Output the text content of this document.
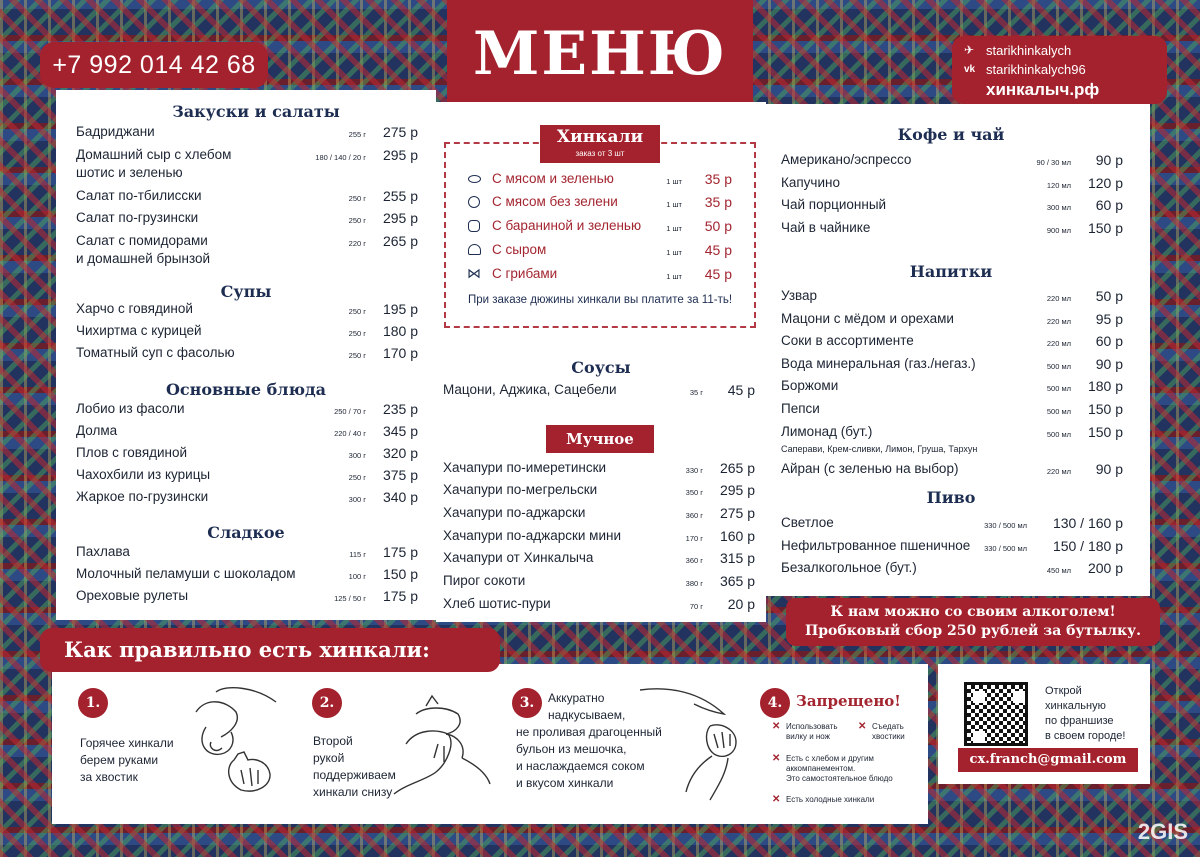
+7 992 014 42 68	МЕНЮ	✈ starikhinkalych
vk starikhinkalych96
хинкалыч.рф
Закуски и салаты
Бадриджани	255 г 275 р
Домашний сыр с хлебом
шотис и зеленью
180 / 140 / 20 г 295 р
Салат по-тбилисски	250 г 255 р
Салат по-грузински	250 г 295 р
Салат с помидорами
и домашней брынзой
220 г 265 р
Супы
Харчо с говядиной	250 г 195 р
Чихиртма с курицей	250 г 180 р
Томатный суп с фасолью	250 г 170 р
Основные блюда
Лобио из фасоли	250 / 70 г 235 р
Долма	220 / 40 г 345 р
Плов с говядиной	300 г 320 р
Чахохбили из курицы	250 г 375 р
Жаркое по-грузински	300 г 340 р
Сладкое
Пахлава	115 г 175 р
Молочный пеламуши с шоколадом	100 г 150 р
Ореховые рулеты	125 / 50 г 175 р
Хинкали
заказ от 3 шт
С мясом и зеленью	1 шт 35 р
С мясом без зелени	1 шт 35 р
С бараниной и зеленью	1 шт 50 р
С сыром	1 шт 45 р
⋈ С грибами	1 шт 45 р
При заказе дюжины хинкали вы платите за 11-ть!
Соусы
Мацони, Аджика, Сацебели	35 г 45 р
Мучное
Хачапури по-имеретински	330 г 265 р
Хачапури по-мегрельски	350 г 295 р
Хачапури по-аджарски	360 г 275 р
Хачапури по-аджарски мини	170 г 160 р
Хачапури от Хинкалыча	360 г 315 р
Пирог сокоти	380 г 365 р
Хлеб шотис-пури	70 г 20 р
Кофе и чай
Американо/эспрессо	90 / 30 мл 90 р
Капучино	120 мл 120 р
Чай порционный	300 мл 60 р
Чай в чайнике	900 мл 150 р
Напитки
Узвар	220 мл 50 р
Мацони с мёдом и орехами	220 мл 95 р
Соки в ассортименте	220 мл 60 р
Вода минеральная (газ./негаз.)	500 мл 90 р
Боржоми	500 мл 180 р
Пепси	500 мл 150 р
Лимонад (бут.)
Саперави, Крем-сливки, Лимон, Груша, Тархун
500 мл 150 р
Айран (с зеленью на выбор)	220 мл 90 р
Пиво
Светлое	330 / 500 мл 130 / 160 р
Нефильтрованное пшеничное 330 / 500 мл 150 / 180 р
Безалкогольное (бут.)	450 мл 200 р
К нам можно со своим алкоголем!
Пробковый сбор 250 рублей за бутылку.
Как правильно есть хинкали:
1.
Горячее хинкали
берем руками
за хвостик
2.
Второй
рукой
поддерживаем
хинкали снизу
3.	Аккуратно
надкусываем,
не проливая драгоценный
бульон из мешочка,
и наслаждаемся соком
и вкусом хинкали
4. Запрещено!
✕ Использовать
вилку и нож
✕ Съедать
хвостики
✕ Есть с хлебом и другим
аккомпанементом.
Это самостоятельное блюдо
✕ Есть холодные хинкали
Открой
хинкальную
по франшизе
в своем городе!
cx.franch@gmail.com
2GIS
